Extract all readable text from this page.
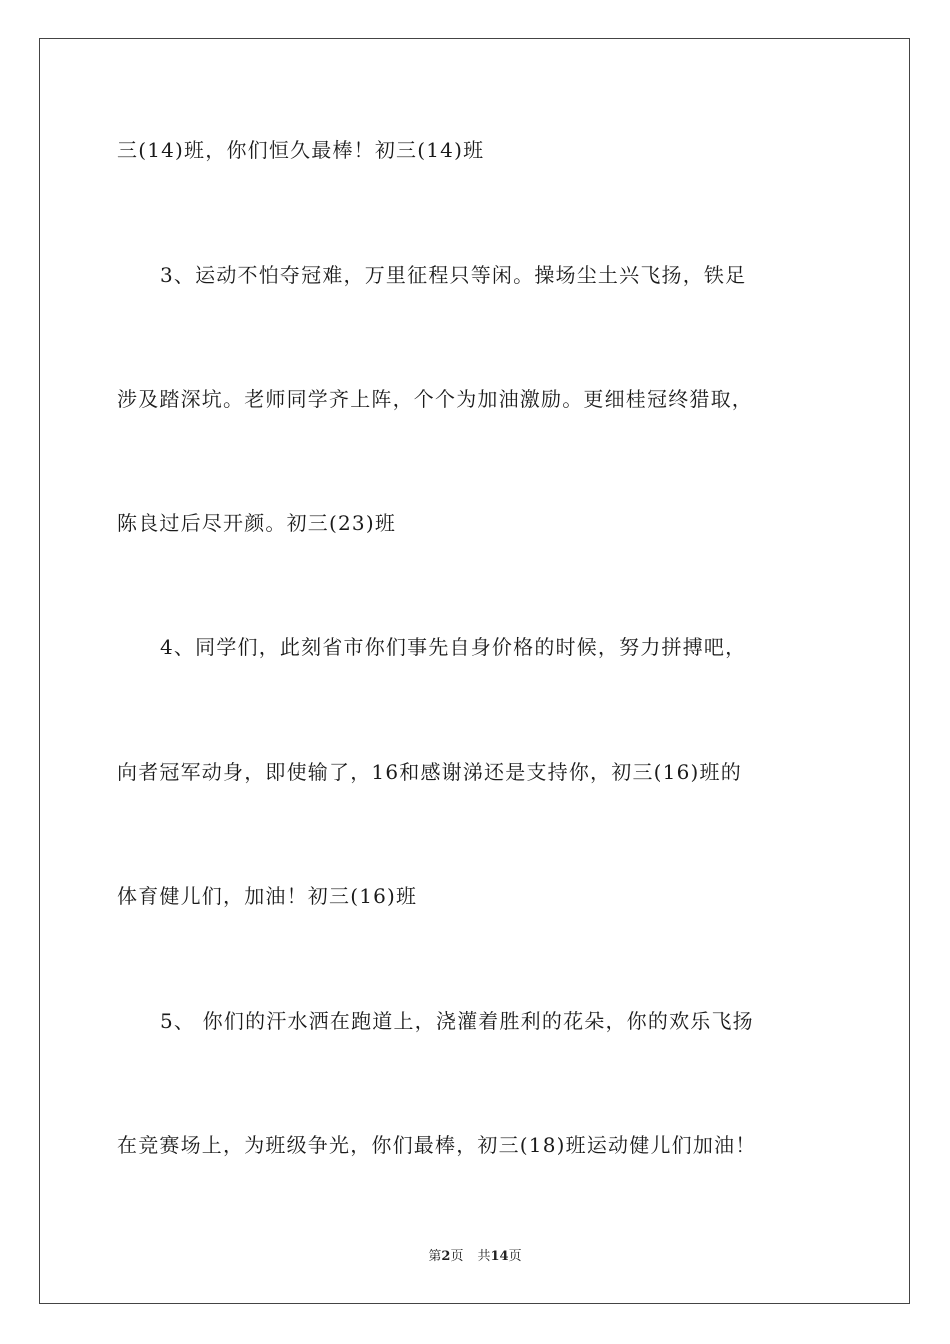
三(14)班，你们恒久最棒！初三(14)班
3、运动不怕夺冠难，万里征程只等闲。操场尘土兴飞扬，铁足
涉及踏深坑。老师同学齐上阵，个个为加油激励。更细桂冠终猎取，
陈良过后尽开颜。初三(23)班
4、同学们，此刻省市你们事先自身价格的时候，努力拼搏吧，
向者冠军动身，即使输了，16和感谢涕还是支持你，初三(16)班的
体育健儿们，加油！初三(16)班
5、 你们的汗水洒在跑道上，浇灌着胜利的花朵，你的欢乐飞扬
在竞赛场上，为班级争光，你们最棒，初三(18)班运动健儿们加油！
第2页 共14页
